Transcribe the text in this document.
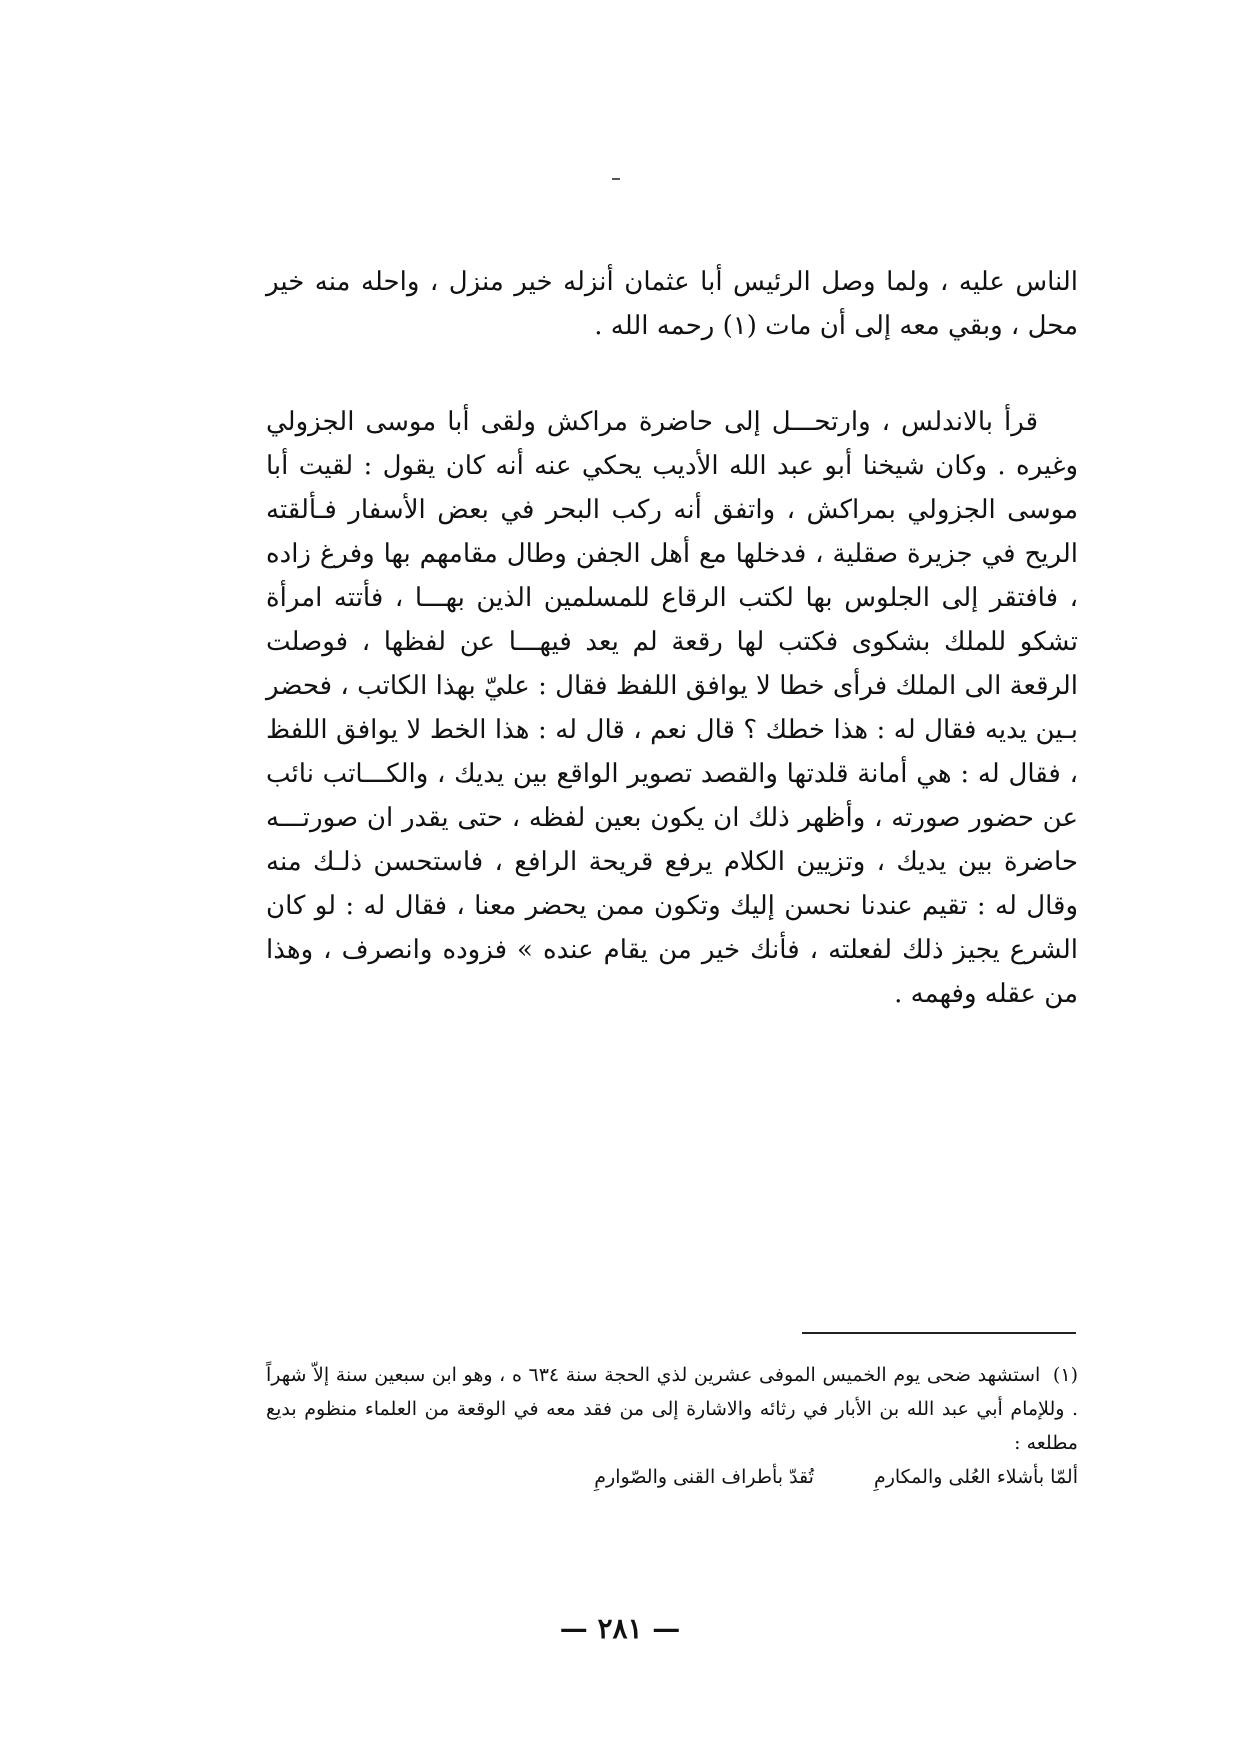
الناس عليه ، ولما وصل الرئيس أبا عثمان أنزله خير منزل ، واحله منه خير محل ، وبقي معه إلى أن مات (١) رحمه الله .

قرأ بالاندلس ، وارتحـــل إلى حاضرة مراكش ولقى أبا موسى الجزولي وغيره . وكان شيخنا أبو عبد الله الأديب يحكي عنه أنه كان يقول : لقيت أبا موسى الجزولي بمراكش ، واتفق أنه ركب البحر في بعض الأسفار فـألقته الريح في جزيرة صقلية ، فدخلها مع أهل الجفن وطال مقامهم بها وفرغ زاده ، فافتقر إلى الجلوس بها لكتب الرقاع للمسلمين الذين بهـــا ، فأتته امرأة تشكو للملك بشكوى فكتب لها رقعة لم يعد فيهـــا عن لفظها ، فوصلت الرقعة الى الملك فرأى خطا لا يوافق اللفظ فقال : عليّ بهذا الكاتب ، فحضر بـين يديه فقال له : هذا خطك ؟ قال نعم ، قال له : هذا الخط لا يوافق اللفظ ، فقال له : هي أمانة قلدتها والقصد تصوير الواقع بين يديك ، والكـــاتب نائب عن حضور صورته ، وأظهر ذلك ان يكون بعين لفظه ، حتى يقدر ان صورتـــه حاضرة بين يديك ، وتزيين الكلام يرفع قريحة الرافع ، فاستحسن ذلـك منه وقال له : تقيم عندنا نحسن إليك وتكون ممن يحضر معنا ، فقال له : لو كان الشرع يجيز ذلك لفعلته ، فأنك خير من يقام عنده » فزوده وانصرف ، وهذا من عقله وفهمه .

(١) استشهد ضحى يوم الخميس الموفى عشرين لذي الحجة سنة ٦٣٤ ه ، وهو ابن سبعين سنة إلاّ شهراً . وللإمام أبي عبد الله بن الأبار في رثائه والاشارة إلى من فقد معه في الوقعة من العلماء منظوم بديع مطلعه :
ألمّا بأشلاء العُلى والمكارمِ
تُقدّ بأطراف القنى والصّوارمِ
— ٢٨١ —
